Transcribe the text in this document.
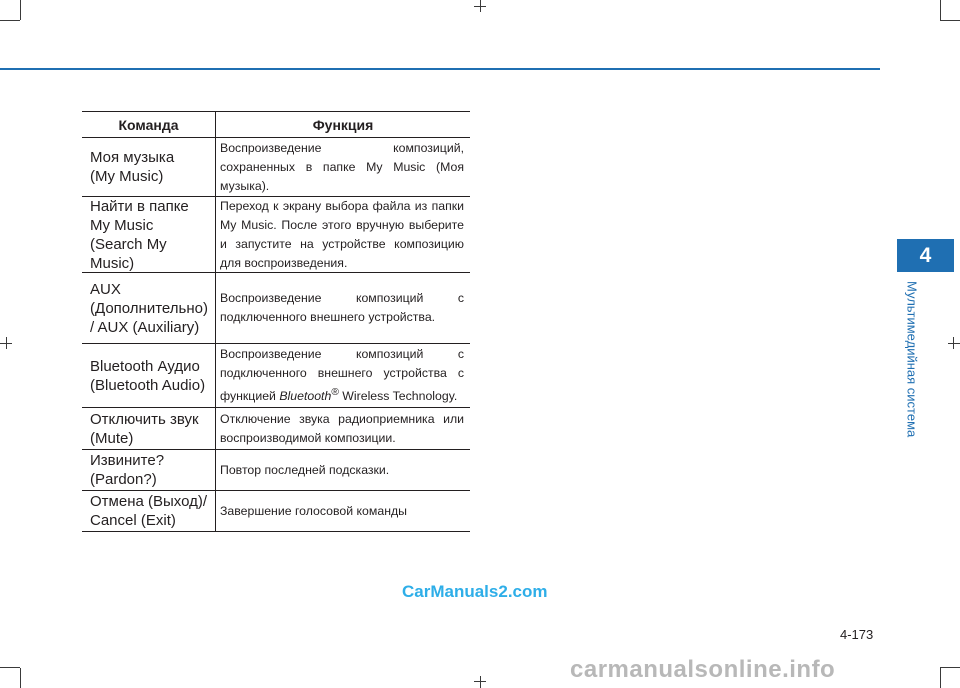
Команда	Функция
Моя музыка
(My Music)
Воспроизведение композиций, сохраненных в папке My Music (Моя музыка).
Найти в папке
My Music
(Search My
Music)
Переход к экрану выбора файла из папки My Music. После этого вручную выберите и запустите на устройстве композицию для воспроизведения.
AUX
(Дополнительно)
/ AUX (Auxiliary)
Воспроизведение композиций с подключенного внешнего устройства.
Bluetooth Аудио
(Bluetooth Audio)
Воспроизведение композиций с подключенного внешнего устройства с функцией Bluetooth® Wireless Technology.
Отключить звук
(Mute)
Отключение звука радиоприемника или воспроизводимой композиции.
Извините?
(Pardon?)
Повтор последней подсказки.
Отмена (Выход)/
Cancel (Exit)
Завершение голосовой команды
4
Мультимедийная система
CarManuals2.com
4-173
carmanualsonline.info
